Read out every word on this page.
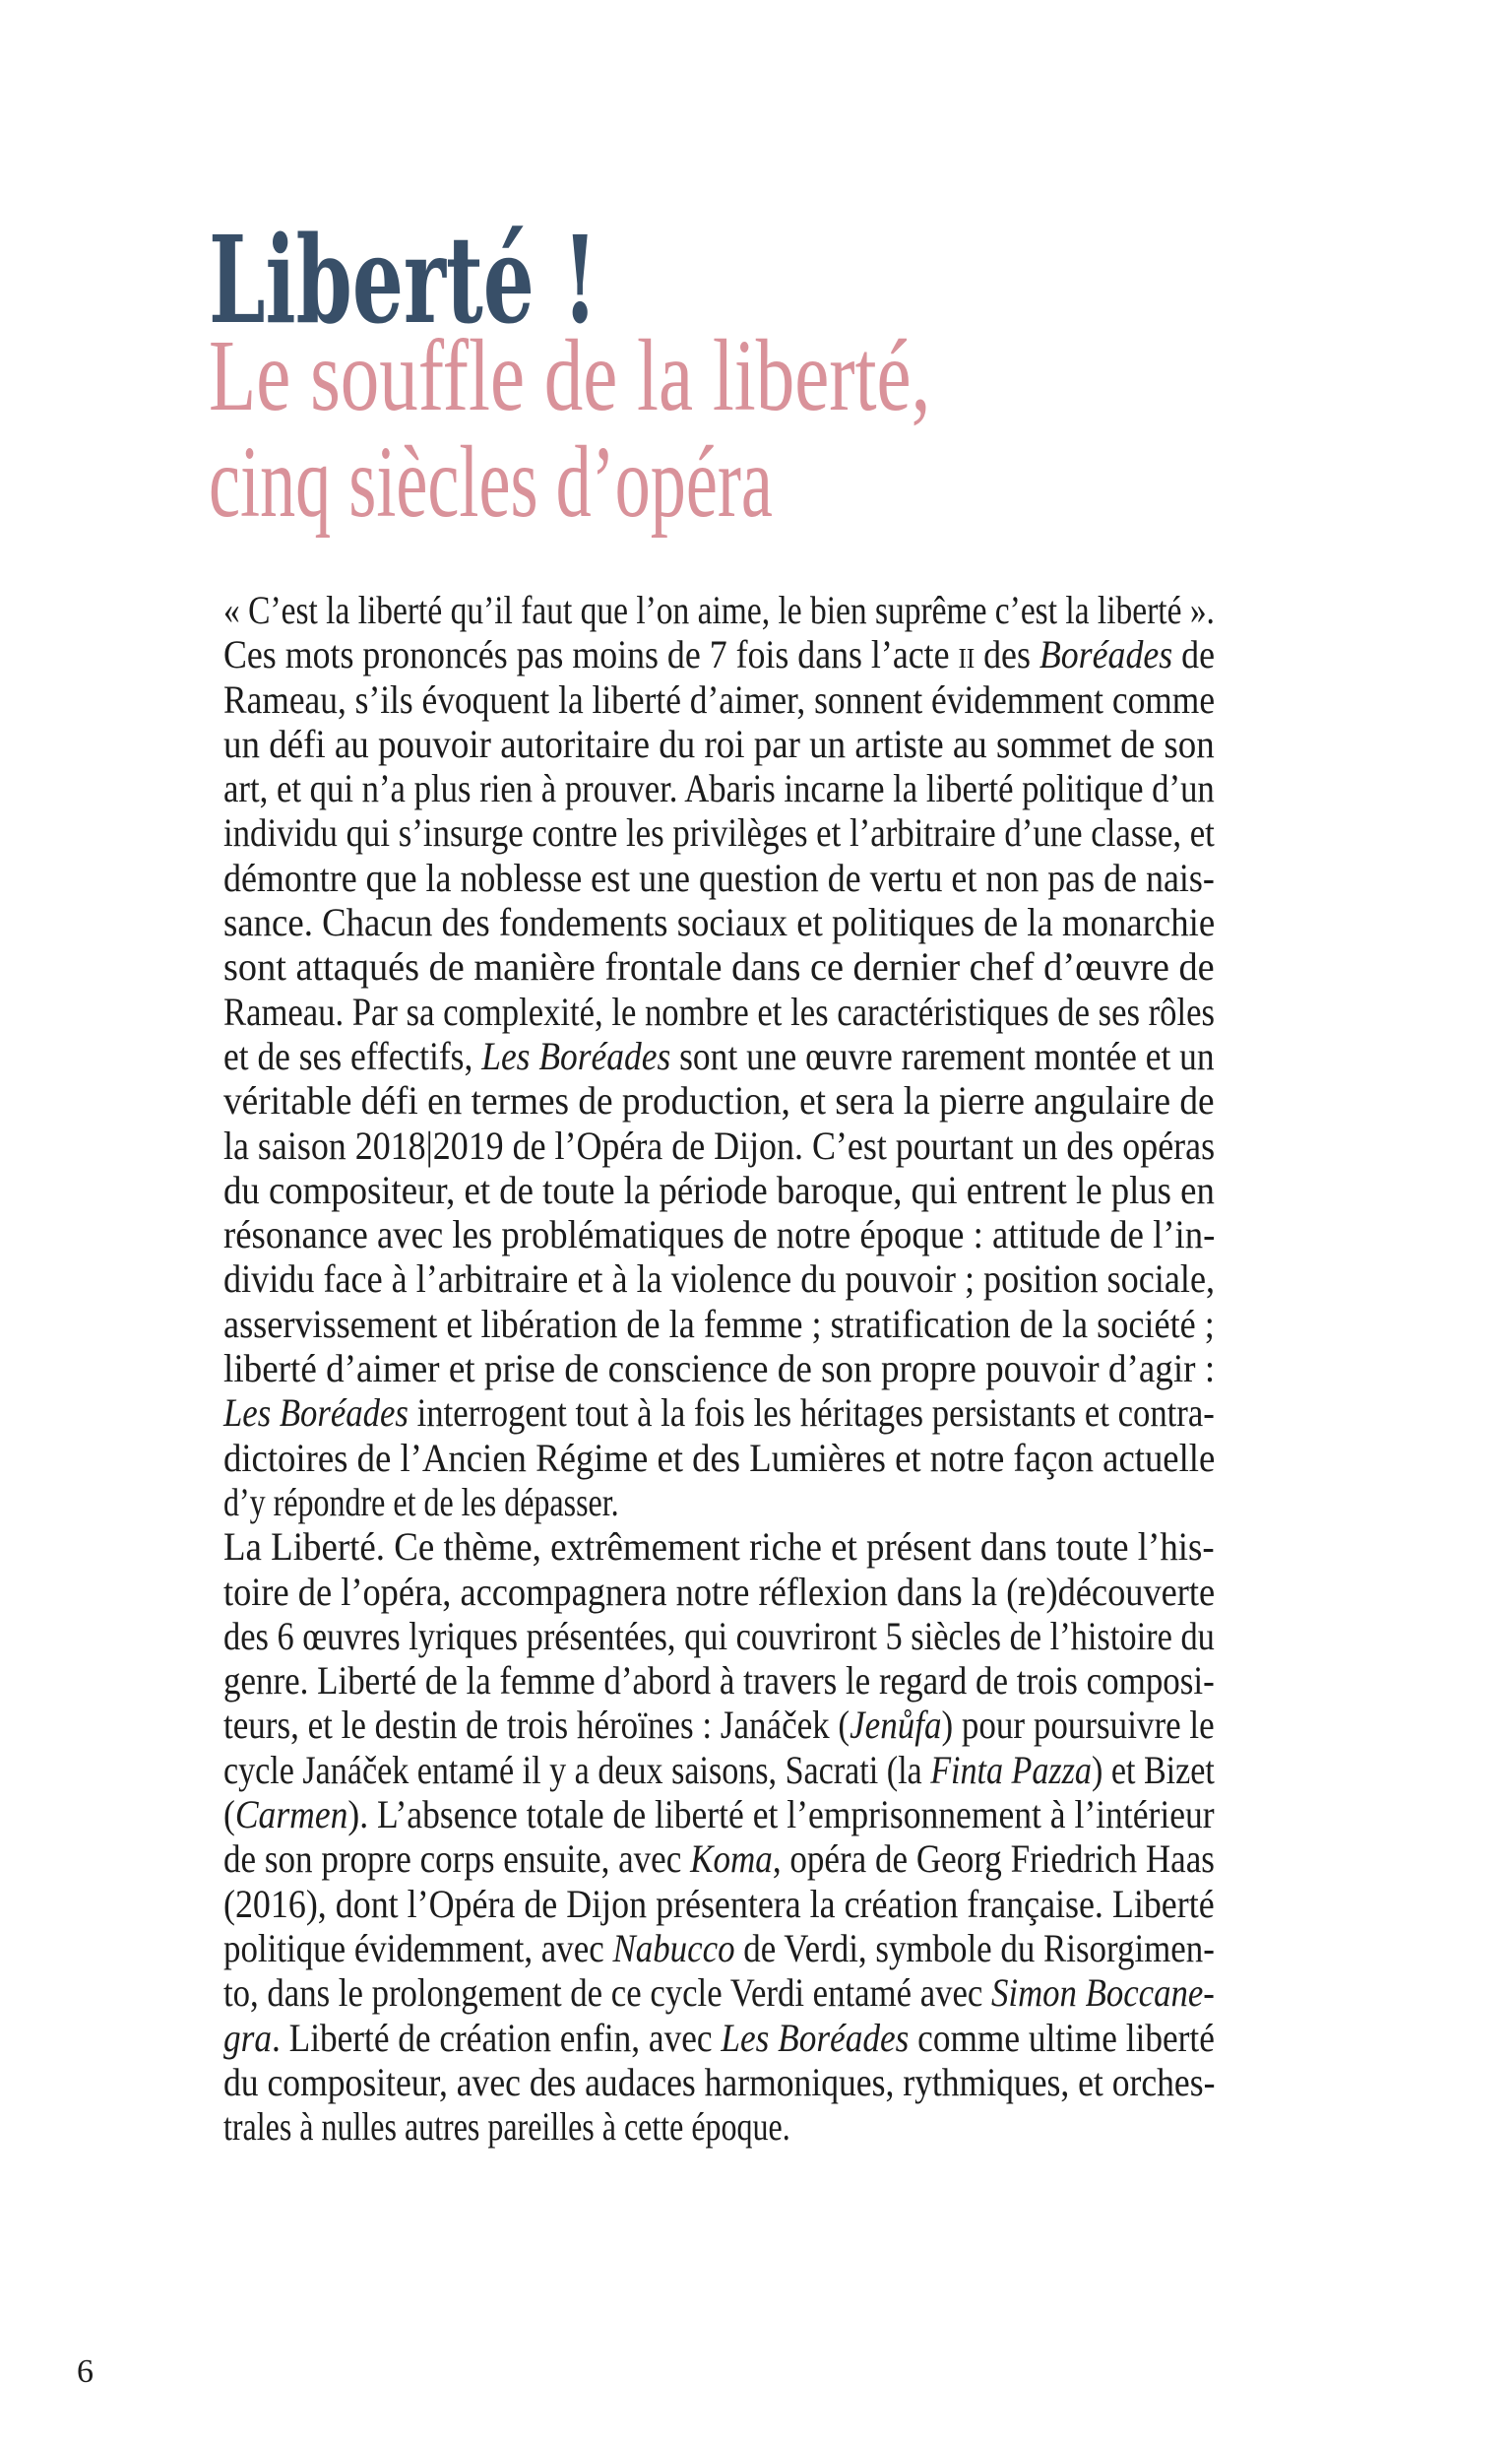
Liberté !
Le souffle de la liberté,
cinq siècles d’opéra
« C’est la liberté qu’il faut que l’on aime, le bien suprême c’est la liberté ».
Ces mots prononcés pas moins de 7 fois dans l’acte ii des Boréades de
Rameau, s’ils évoquent la liberté d’aimer, sonnent évidemment comme
un défi au pouvoir autoritaire du roi par un artiste au sommet de son
art, et qui n’a plus rien à prouver. Abaris incarne la liberté politique d’un
individu qui s’insurge contre les privilèges et l’arbitraire d’une classe, et
démontre que la noblesse est une question de vertu et non pas de nais-
sance. Chacun des fondements sociaux et politiques de la monarchie
sont attaqués de manière frontale dans ce dernier chef d’œuvre de
Rameau. Par sa complexité, le nombre et les caractéristiques de ses rôles
et de ses effectifs, Les Boréades sont une œuvre rarement montée et un
véritable défi en termes de production, et sera la pierre angulaire de
la saison 2018|2019 de l’Opéra de Dijon. C’est pourtant un des opéras
du compositeur, et de toute la période baroque, qui entrent le plus en
résonance avec les problématiques de notre époque : attitude de l’in-
dividu face à l’arbitraire et à la violence du pouvoir ; position sociale,
asservissement et libération de la femme ; stratification de la société ;
liberté d’aimer et prise de conscience de son propre pouvoir d’agir :
Les Boréades interrogent tout à la fois les héritages persistants et contra-
dictoires de l’Ancien Régime et des Lumières et notre façon actuelle
d’y répondre et de les dépasser.
La Liberté. Ce thème, extrêmement riche et présent dans toute l’his-
toire de l’opéra, accompagnera notre réflexion dans la (re)découverte
des 6 œuvres lyriques présentées, qui couvriront 5 siècles de l’histoire du
genre. Liberté de la femme d’abord à travers le regard de trois composi-
teurs, et le destin de trois héroïnes : Janáček (Jenůfa) pour poursuivre le
cycle Janáček entamé il y a deux saisons, Sacrati (la Finta Pazza) et Bizet
(Carmen). L’absence totale de liberté et l’emprisonnement à l’intérieur
de son propre corps ensuite, avec Koma, opéra de Georg Friedrich Haas
(2016), dont l’Opéra de Dijon présentera la création française. Liberté
politique évidemment, avec Nabucco de Verdi, symbole du Risorgimen-
to, dans le prolongement de ce cycle Verdi entamé avec Simon Boccane-
gra. Liberté de création enfin, avec Les Boréades comme ultime liberté
du compositeur, avec des audaces harmoniques, rythmiques, et orches-
trales à nulles autres pareilles à cette époque.
6
